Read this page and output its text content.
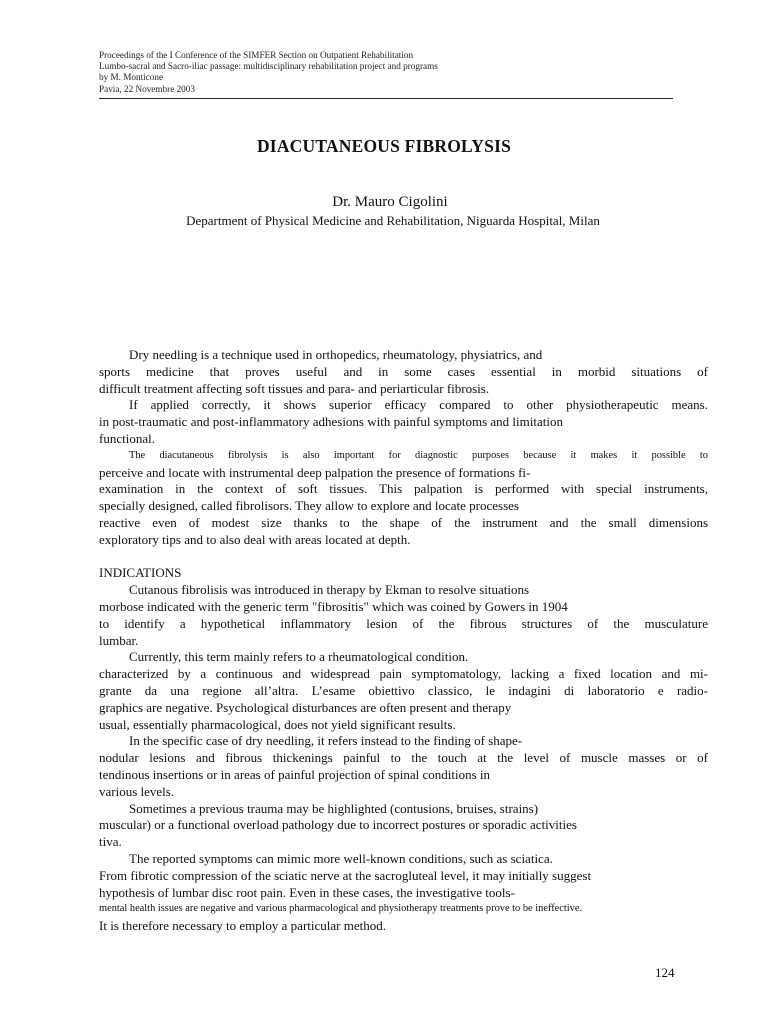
Proceedings of the I Conference of the SIMFER Section on Outpatient Rehabilitation
Lumbo-sacral and Sacro-iliac passage: multidisciplinary rehabilitation project and programs
by M. Monticone
Pavia, 22 Novembre 2003
DIACUTANEOUS FIBROLYSIS
Dr. Mauro Cigolini
Department of Physical Medicine and Rehabilitation, Niguarda Hospital, Milan
Dry needling is a technique used in orthopedics, rheumatology, physiatrics, and
sports medicine that proves useful and in some cases essential in morbid situations of
difficult treatment affecting soft tissues and para- and periarticular fibrosis.
If applied correctly, it shows superior efficacy compared to other physiotherapeutic means.
in post-traumatic and post-inflammatory adhesions with painful symptoms and limitation
functional.
The diacutaneous fibrolysis is also important for diagnostic purposes because it makes it possible to
perceive and locate with instrumental deep palpation the presence of formations fi-
examination in the context of soft tissues. This palpation is performed with special instruments,
specially designed, called fibrolisors. They allow to explore and locate processes
reactive even of modest size thanks to the shape of the instrument and the small dimensions
exploratory tips and to also deal with areas located at depth.
INDICATIONS
Cutanous fibrolisis was introduced in therapy by Ekman to resolve situations
morbose indicated with the generic term "fibrositis" which was coined by Gowers in 1904
to identify a hypothetical inflammatory lesion of the fibrous structures of the musculature
lumbar.
Currently, this term mainly refers to a rheumatological condition.
characterized by a continuous and widespread pain symptomatology, lacking a fixed location and mi-
grante da una regione all’altra. L’esame obiettivo classico, le indagini di laboratorio e radio-
graphics are negative. Psychological disturbances are often present and therapy
usual, essentially pharmacological, does not yield significant results.
In the specific case of dry needling, it refers instead to the finding of shape-
nodular lesions and fibrous thickenings painful to the touch at the level of muscle masses or of
tendinous insertions or in areas of painful projection of spinal conditions in
various levels.
Sometimes a previous trauma may be highlighted (contusions, bruises, strains)
muscular) or a functional overload pathology due to incorrect postures or sporadic activities
tiva.
The reported symptoms can mimic more well-known conditions, such as sciatica.
From fibrotic compression of the sciatic nerve at the sacrogluteal level, it may initially suggest
hypothesis of lumbar disc root pain. Even in these cases, the investigative tools-
mental health issues are negative and various pharmacological and physiotherapy treatments prove to be ineffective.
It is therefore necessary to employ a particular method.
124
